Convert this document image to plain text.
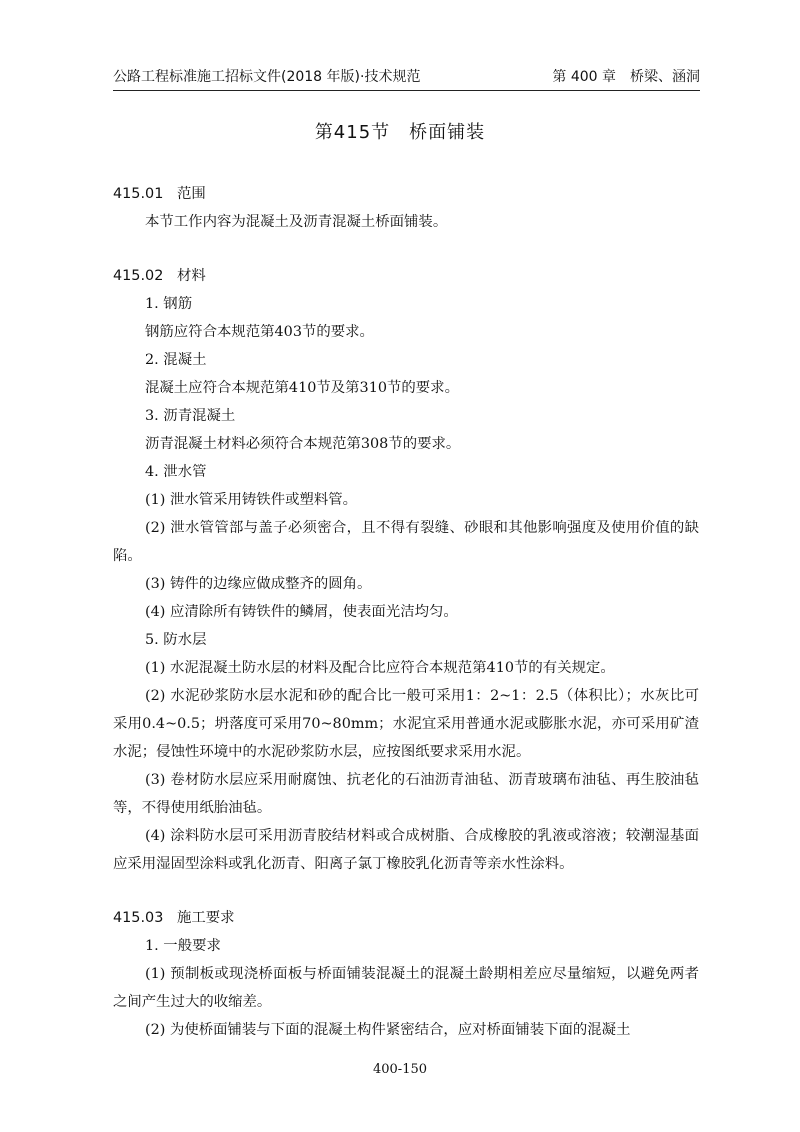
公路工程标准施工招标文件(2018 年版)·技术规范	第 400 章　桥梁、涵洞
第415节　桥面铺装
415.01 范围
本节工作内容为混凝土及沥青混凝土桥面铺装。
415.02 材料
1. 钢筋
钢筋应符合本规范第403节的要求。
2. 混凝土
混凝土应符合本规范第410节及第310节的要求。
3. 沥青混凝土
沥青混凝土材料必须符合本规范第308节的要求。
4. 泄水管
(1) 泄水管采用铸铁件或塑料管。
(2) 泄水管管部与盖子必须密合，且不得有裂缝、砂眼和其他影响强度及使用价值的缺陷。
(3) 铸件的边缘应做成整齐的圆角。
(4) 应清除所有铸铁件的鳞屑，使表面光洁均匀。
5. 防水层
(1) 水泥混凝土防水层的材料及配合比应符合本规范第410节的有关规定。
(2) 水泥砂浆防水层水泥和砂的配合比一般可采用1：2~1：2.5（体积比）；水灰比可采用0.4~0.5；坍落度可采用70~80mm；水泥宜采用普通水泥或膨胀水泥，亦可采用矿渣水泥；侵蚀性环境中的水泥砂浆防水层，应按图纸要求采用水泥。
(3) 卷材防水层应采用耐腐蚀、抗老化的石油沥青油毡、沥青玻璃布油毡、再生胶油毡等，不得使用纸胎油毡。
(4) 涂料防水层可采用沥青胶结材料或合成树脂、合成橡胶的乳液或溶液；较潮湿基面应采用湿固型涂料或乳化沥青、阳离子氯丁橡胶乳化沥青等亲水性涂料。
415.03 施工要求
1. 一般要求
(1) 预制板或现浇桥面板与桥面铺装混凝土的混凝土龄期相差应尽量缩短，以避免两者之间产生过大的收缩差。
(2) 为使桥面铺装与下面的混凝土构件紧密结合，应对桥面铺装下面的混凝土
400-150
